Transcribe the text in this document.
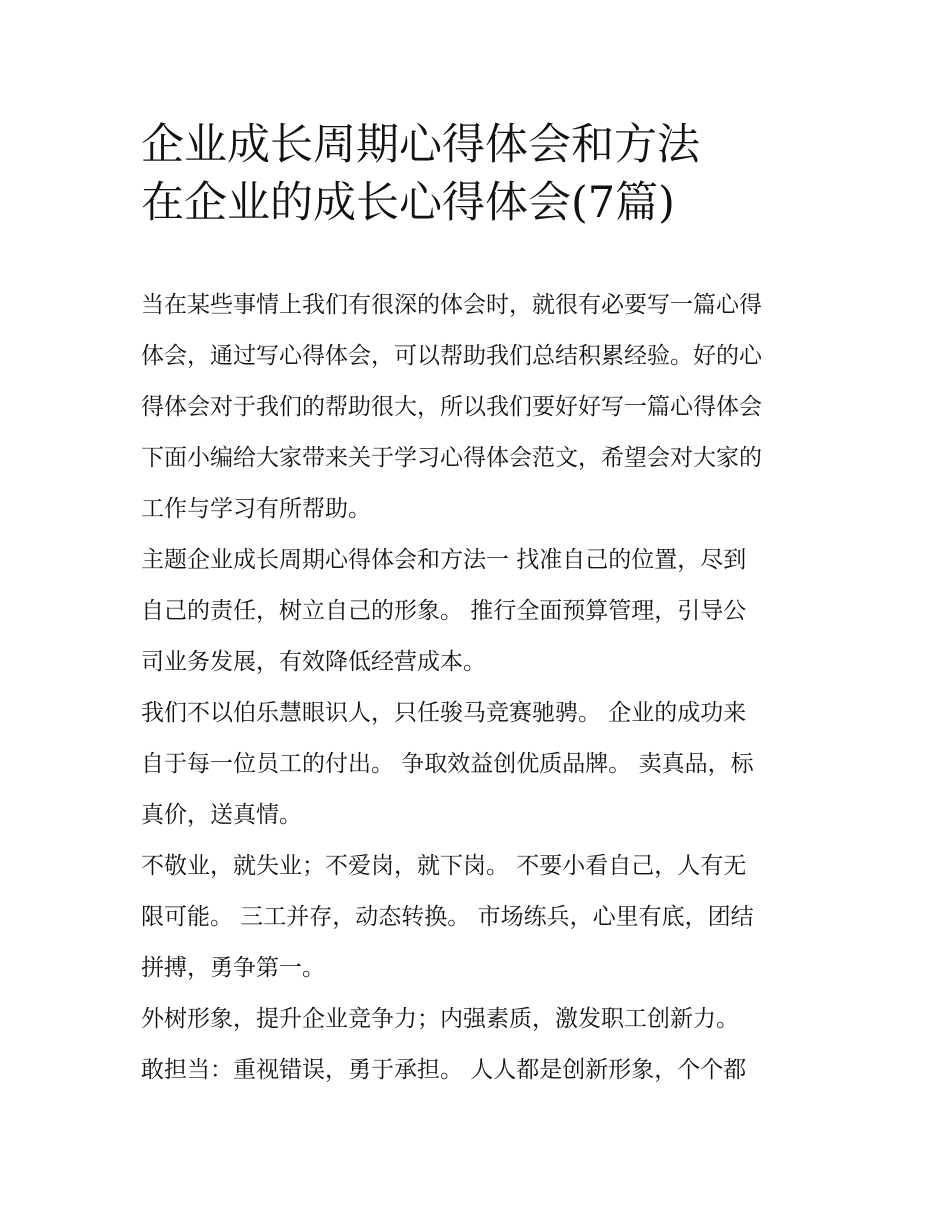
企业成长周期心得体会和方法
在企业的成长心得体会(7篇)
当在某些事情上我们有很深的体会时，就很有必要写一篇心得
体会，通过写心得体会，可以帮助我们总结积累经验。好的心
得体会对于我们的帮助很大，所以我们要好好写一篇心得体会
下面小编给大家带来关于学习心得体会范文，希望会对大家的
工作与学习有所帮助。
主题企业成长周期心得体会和方法一 找准自己的位置，尽到
自己的责任，树立自己的形象。 推行全面预算管理，引导公
司业务发展，有效降低经营成本。
我们不以伯乐慧眼识人，只任骏马竞赛驰骋。 企业的成功来
自于每一位员工的付出。 争取效益创优质品牌。 卖真品，标
真价，送真情。
不敬业，就失业；不爱岗，就下岗。 不要小看自己，人有无
限可能。 三工并存，动态转换。 市场练兵，心里有底，团结
拼搏，勇争第一。
外树形象，提升企业竞争力；内强素质，激发职工创新力。
敢担当：重视错误，勇于承担。 人人都是创新形象，个个都
